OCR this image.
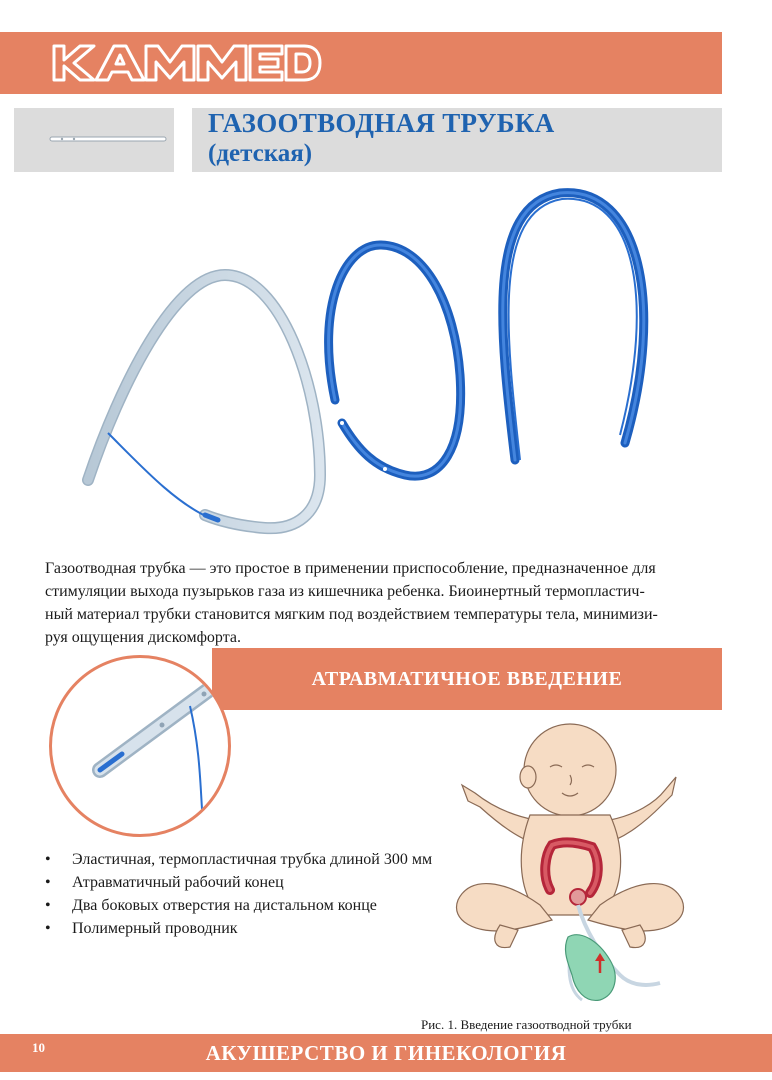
ГАЗООТВОДНАЯ ТРУБКА
(детская)
Газоотводная трубка — это простое в применении приспособление, предназначенное для
стимуляции выхода пузырьков газа из кишечника ребенка. Биоинертный термопластич-
ный материал трубки становится мягким под воздействием температуры тела, минимизи-
руя ощущения дискомфорта.
АТРАВМАТИЧНОЕ ВВЕДЕНИЕ
• Эластичная, термопластичная трубка длиной 300 мм
• Атравматичный рабочий конец
• Два боковых отверстия на дистальном конце
• Полимерный проводник
Рис. 1. Введение газоотводной трубки
10	АКУШЕРСТВО И ГИНЕКОЛОГИЯ
